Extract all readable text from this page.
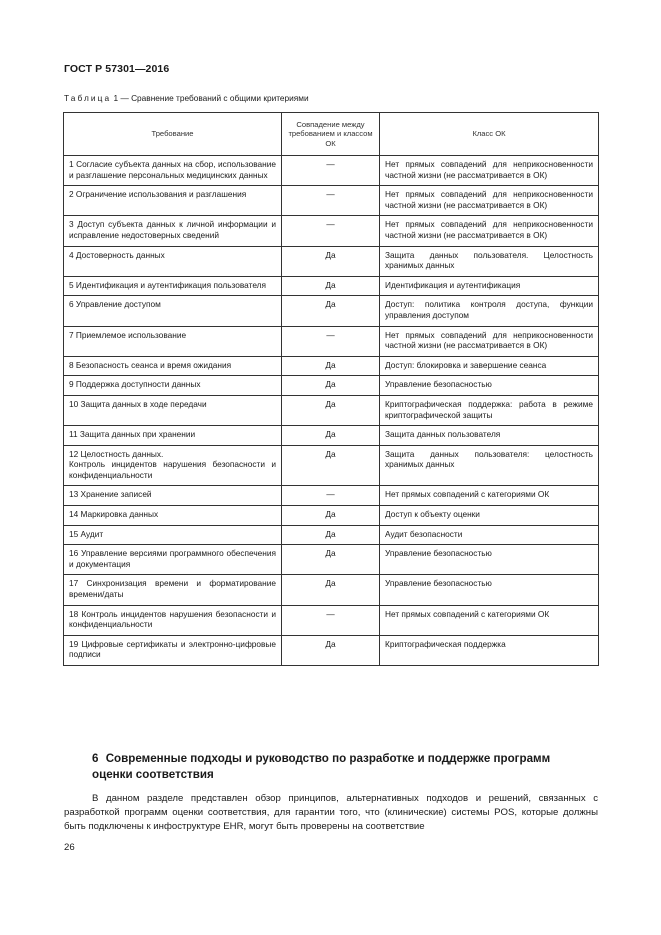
ГОСТ Р 57301—2016
Таблица 1 — Сравнение требований с общими критериями
Требование	Совпадение между требованием и классом ОК	Класс ОК
1 Согласие субъекта данных на сбор, использование и разглашение персональных медицинских данных	—	Нет прямых совпадений для неприкосновенности частной жизни (не рассматривается в ОК)
2 Ограничение использования и разглашения	—	Нет прямых совпадений для неприкосновенности частной жизни (не рассматривается в ОК)
3 Доступ субъекта данных к личной информации и исправление недостоверных сведений	—	Нет прямых совпадений для неприкосновенности частной жизни (не рассматривается в ОК)
4 Достоверность данных	Да	Защита данных пользователя. Целостность хранимых данных
5 Идентификация и аутентификация пользователя	Да	Идентификация и аутентификация
6 Управление доступом	Да	Доступ: политика контроля доступа, функции управления доступом
7 Приемлемое использование	—	Нет прямых совпадений для неприкосновенности частной жизни (не рассматривается в ОК)
8 Безопасность сеанса и время ожидания	Да	Доступ: блокировка и завершение сеанса
9 Поддержка доступности данных	Да	Управление безопасностью
10 Защита данных в ходе передачи	Да	Криптографическая поддержка: работа в режиме криптографической защиты
11 Защита данных при хранении	Да	Защита данных пользователя
12 Целостность данных.
Контроль инцидентов нарушения безопасности и конфиденциальности	Да	Защита данных пользователя: целостность хранимых данных
13 Хранение записей	—	Нет прямых совпадений с категориями ОК
14 Маркировка данных	Да	Доступ к объекту оценки
15 Аудит	Да	Аудит безопасности
16 Управление версиями программного обеспечения и документация	Да	Управление безопасностью
17 Синхронизация времени и форматирование времени/даты	Да	Управление безопасностью
18 Контроль инцидентов нарушения безопасности и конфиденциальности	—	Нет прямых совпадений с категориями ОК
19 Цифровые сертификаты и электронно-цифровые подписи	Да	Криптографическая поддержка
6 Современные подходы и руководство по разработке и поддержке программ оценки соответствия
В данном разделе представлен обзор принципов, альтернативных подходов и решений, связанных с разработкой программ оценки соответствия, для гарантии того, что (клинические) системы POS, которые должны быть подключены к инфоструктуре EHR, могут быть проверены на соответствие
26
